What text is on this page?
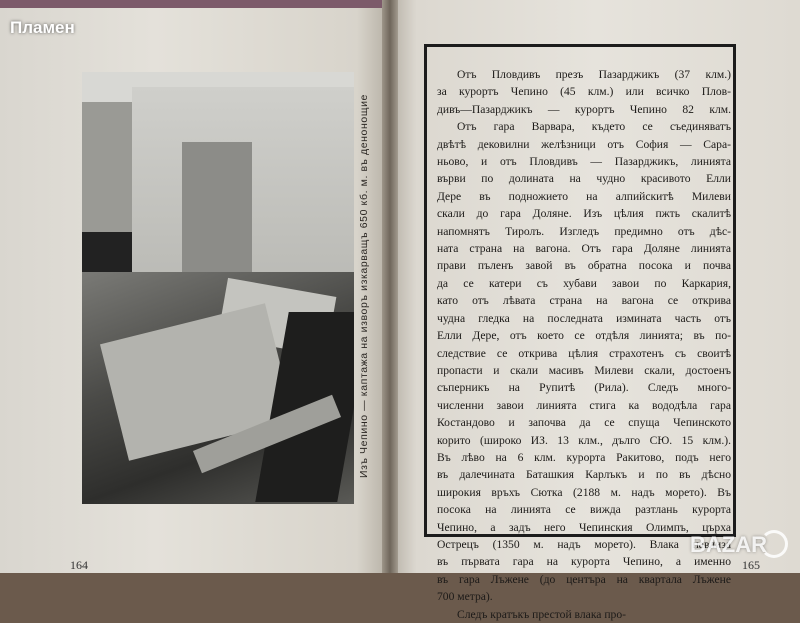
Изъ Чепино — каптажа на изворъ изкарващъ 650 кб. м. въ денонощие
164	165
Отъ Пловдивъ презъ Пазарджикъ (37 клм.)
за курортъ Чепино (45 клм.) или всичко Плов-
дивъ—Пазарджикъ — курортъ Чепино 82 клм.
Отъ гара Варвара, където се съединяватъ
двѣтѣ дековилни желѣзници отъ София — Сара-
ньово, и отъ Пловдивъ — Пазарджикъ, линията
върви по долината на чудно красивото Елли
Дере въ подножието на алпийскитѣ Милеви
скали до гара Доляне. Изъ цѣлия пжть скалитѣ
напомнятъ Тиролъ. Изгледъ предимно отъ дѣс-
ната страна на вагона. Отъ гара Доляне линията
прави пъленъ завой въ обратна посока и почва
да се катери съ хубави завои по Каркария,
като отъ лѣвата страна на вагона се открива
чудна гледка на последната изминатa часть отъ
Елли Дере, отъ което се отдѣля линията; въ по-
следствие се открива цѣлия страхотенъ съ своитѣ
пропасти и скали масивъ Милеви скали, достоенъ
съперникъ на Рупитѣ (Рила). Следъ много-
численни завои линията стига ка вододѣла гара
Костандово и започва да се спуща Чепинското
корито (широко ИЗ. 13 клм., дълго СЮ. 15 клм.).
Въ лѣво на 6 клм. курорта Ракитово, подъ него
въ далечината Баташкия Карлъкъ и по въ дѣсно
широкия връхъ Сютка (2188 м. надъ морето). Въ
посока на линията се вижда разтлань курорта
Чепино, а задъ него Чепинския Олимпъ, църха
Острецъ (1350 м. надъ морето). Влака навлиза
въ първата гара на курорта Чепино, а именно
въ гара Лъжене (до центъра на квартала Лъжене
700 метра).
Следъ кратъкъ престой влака про-
Пламен
BAZAR
